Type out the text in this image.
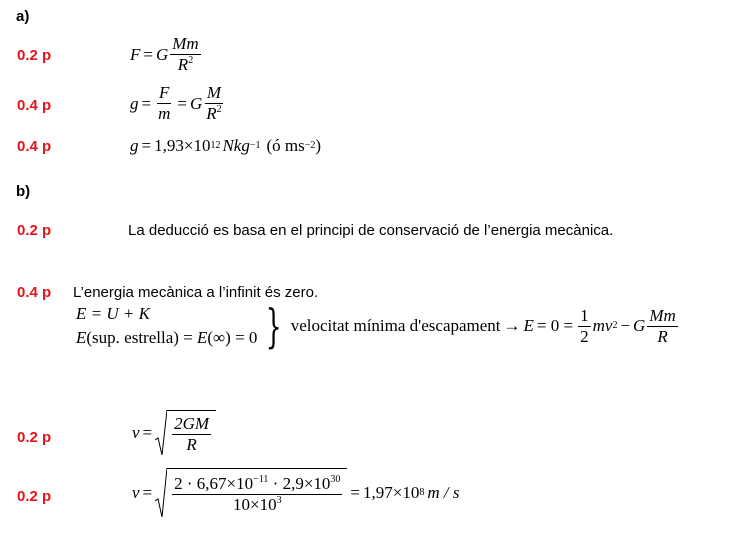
a)
0.2 p	F = G $\frac{Mm}{R^2}$
0.4 p	$g = \frac{F}{m} = G \frac{M}{R^2}$
0.4 p	g = 1,93 × 10 12 Nkg −1 (ó ms −2 )
b)
0.2 p	La deducció es basa en el principi de conservació de l’energia mecànica.
0.4 p L’energia mecànica a l’infinit és zero.
E = U + K
E(sup. estrella) = E(∞) = 0 } velocitat mínima d'escapament → $E = 0 = \frac{1}{2}$ mv 2 − G $\frac{Mm}{R}$
0.2 p	$v = \frac{2GM}{R}$
0.2 p	$v = \frac{2 \cdot 6,67\times 10^{-11} \cdot 2,9\times 10^{30}}{10\times 10^3} = 1,97\times 10$ 8 m / s
